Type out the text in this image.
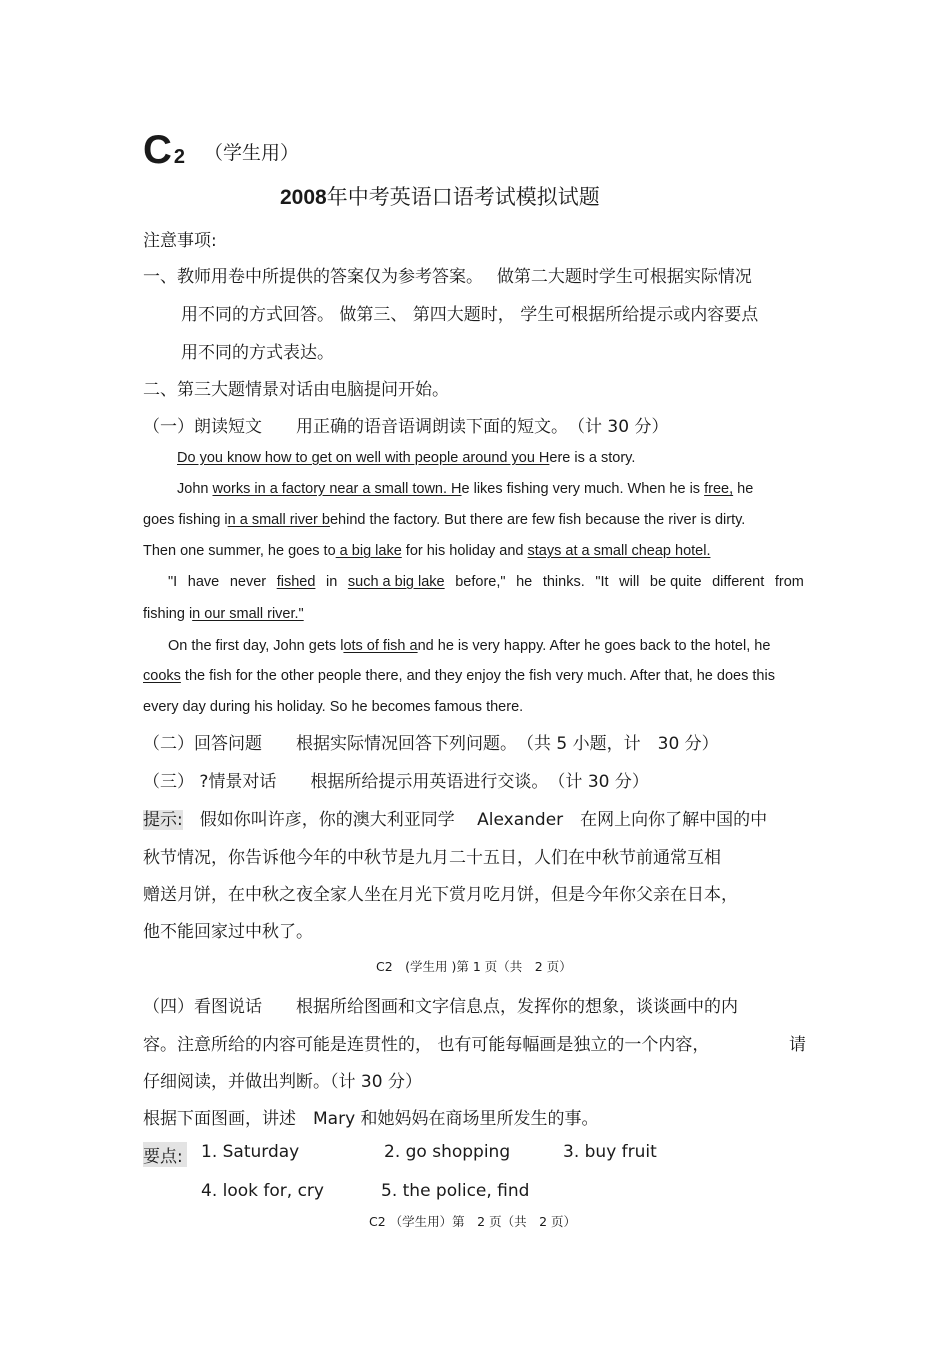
C 2 （学生用）
2008年中考英语口语考试模拟试题
注意事项:
一、教师用卷中所提供的答案仅为参考答案。　 做第二大题时学生可根据实际情况
用不同的方式回答。 做第三、 第四大题时， 学生可根据所给提示或内容要点
用不同的方式表达。
二、第三大题情景对话由电脑提问开始。
（一）朗读短文　　用正确的语音语调朗读下面的短文。　（计 30 分）
Do you know how to get on well with people around you Here is a story.
John works in a factory near a small town. He likes fishing very much. When he is free, he
goes fishing in a small river behind the factory. But there are few fish because the river is dirty.
Then one summer, he goes to a big lake for his holiday and stays at a small cheap hotel.
"I have never fished in such a big lake before," he thinks. "It will be quite different from
fishing in our small river."
On the first day, John gets lots of fish and he is very happy. After he goes back to the hotel, he
cooks the fish for the other people there, and they enjoy the fish very much. After that, he does this
every day during his holiday. So he becomes famous there.
（二）回答问题　　根据实际情况回答下列问题。　（共 5 小题，计　30 分）
（三） ?情景对话　　根据所给提示用英语进行交谈。　（计 30 分）
提示:　假如你叫许彦，你的澳大利亚同学　 Alexander　在网上向你了解中国的中
秋节情况，你告诉他今年的中秋节是九月二十五日，人们在中秋节前通常互相
赠送月饼，在中秋之夜全家人坐在月光下赏月吃月饼，但是今年你父亲在日本，
他不能回家过中秋了。
C2　(学生用 )第 1 页（共　2 页）
（四）看图说话　　根据所给图画和文字信息点，发挥你的想象，谈谈画中的内
容。注意所给的内容可能是连贯性的， 也有可能每幅画是独立的一个内容，	请
仔细阅读，并做出判断。（计 30 分）
根据下面图画，讲述　Mary 和她妈妈在商场里所发生的事。
要点: 1. Saturday	2. go shopping	3. buy fruit
4. look for, cry	5. the police, find
C2 （学生用）第　2 页（共　2 页）
